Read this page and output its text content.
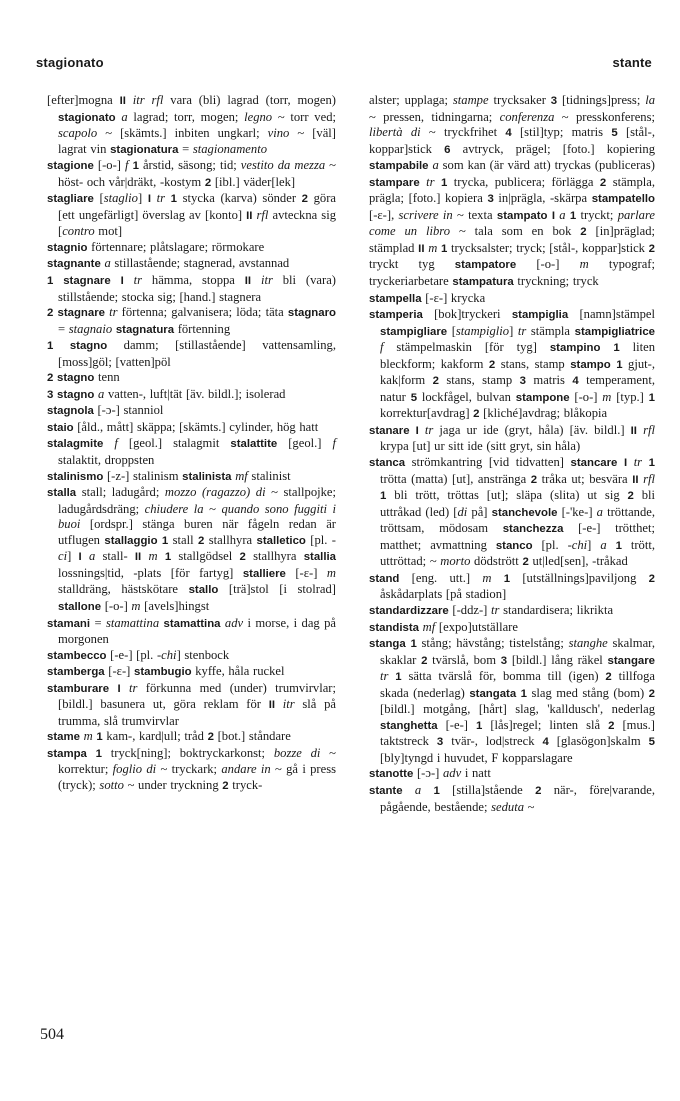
stagionato	stante

[efter]mogna II itr rfl vara (bli) lagrad (torr, mogen) stagionato a lagrad; torr, mogen; legno ~ torr ved; scapolo ~ [skämts.] inbiten ungkarl; vino ~ [väl] lagrat vin stagionatura = stagionamento

stagione [-o-] f 1 årstid, säsong; tid; vestito da mezza ~ höst- och vår|dräkt, -kostym 2 [ibl.] väder[lek]

stagliare [staglio] I tr 1 stycka (karva) sönder 2 göra [ett ungefärligt] överslag av [konto] II rfl avteckna sig [contro mot]

stagnio förtennare; plåtslagare; rörmokare

stagnante a stillastående; stagnerad, avstannad

1 stagnare I tr hämma, stoppa II itr bli (vara) stillstående; stocka sig; [hand.] stagnera

2 stagnare tr förtenna; galvanisera; löda; täta stagnaro = stagnaio stagnatura förtenning

1 stagno damm; [stillastående] vattensamling, [moss]göl; [vatten]pöl

2 stagno tenn

3 stagno a vatten-, luft|tät [äv. bildl.]; isolerad

stagnola [-ɔ-] stanniol

staio [åld., mått] skäppa; [skämts.] cylinder, hög hatt

stalagmite f [geol.] stalagmit stalattite [geol.] f stalaktit, droppsten

stalinismo [-z-] stalinism stalinista mf stalinist

stalla stall; ladugård; mozzo (ragazzo) di ~ stallpojke; ladugårdsdräng; chiudere la ~ quando sono fuggiti i buoi [ordspr.] stänga buren när fågeln redan är utflugen stallaggio 1 stall 2 stallhyra stalletico [pl. -ci] I a stall- II m 1 stallgödsel 2 stallhyra stallia lossnings|tid, -plats [för fartyg] stalliere [-ɛ-] m stalldräng, hästskötare stallo [trä]stol [i stolrad] stallone [-o-] m [avels]hingst

stamani = stamattina stamattina adv i morse, i dag på morgonen

stambecco [-e-] [pl. -chi] stenbock

stamberga [-ɛ-] stambugio kyffe, håla ruckel

stamburare I tr förkunna med (under) trumvirvlar; [bildl.] basunera ut, göra reklam för II itr slå på trumma, slå trumvirvlar

stame m 1 kam-, kard|ull; tråd 2 [bot.] ståndare

stampa 1 tryck[ning]; boktryckarkonst; bozze di ~ korrektur; foglio di ~ tryckark; andare in ~ gå i press (tryck); sotto ~ under tryckning 2 tryck-

alster; upplaga; stampe trycksaker 3 [tidnings]press; la ~ pressen, tidningarna; conferenza ~ presskonferens; libertà di ~ tryckfrihet 4 [stil]typ; matris 5 [stål-, koppar]stick 6 avtryck, prägel; [foto.] kopiering stampabile a som kan (är värd att) tryckas (publiceras) stampare tr 1 trycka, publicera; förlägga 2 stämpla, prägla; [foto.] kopiera 3 in|prägla, -skärpa stampatello [-ɛ-], scrivere in ~ texta stampato I a 1 tryckt; parlare come un libro ~ tala som en bok 2 [in]präglad; stämplad II m 1 trycksalster; tryck; [stål-, koppar]stick 2 tryckt tyg stampatore [-o-] m typograf; tryckeriarbetare stampatura tryckning; tryck

stampella [-ɛ-] krycka

stamperia [bok]tryckeri stampiglia [namn]stämpel stampigliare [stampiglio] tr stämpla stampigliatrice f stämpelmaskin [för tyg] stampino 1 liten bleckform; kakform 2 stans, stamp stampo 1 gjut-, kak|form 2 stans, stamp 3 matris 4 temperament, natur 5 lockfågel, bulvan stampone [-o-] m [typ.] 1 korrektur[avdrag] 2 [kliché]avdrag; blåkopia

stanare I tr jaga ur ide (gryt, håla) [äv. bildl.] II rfl krypa [ut] ur sitt ide (sitt gryt, sin håla)

stanca strömkantring [vid tidvatten] stancare I tr 1 trötta (matta) [ut], anstränga 2 tråka ut; besvära II rfl 1 bli trött, tröttas [ut]; släpa (slita) ut sig 2 bli uttråkad (led) [di på] stanchevole [-'ke-] a tröttande, tröttsam, mödosam stanchezza [-e-] trötthet; matthet; avmattning stanco [pl. -chi] a 1 trött, uttröttad; ~ morto dödstrött 2 ut|led[sen], -tråkad

stand [eng. utt.] m 1 [utställnings]paviljong 2 åskådarplats [på stadion]

standardizzare [-ddz-] tr standardisera; likrikta

standista mf [expo]utställare

stanga 1 stång; hävstång; tistelstång; stanghe skalmar, skaklar 2 tvärslå, bom 3 [bildl.] lång räkel stangare tr 1 sätta tvärslå för, bomma till (igen) 2 tillfoga skada (nederlag) stangata 1 slag med stång (bom) 2 [bildl.] motgång, [hårt] slag, 'kalldusch', nederlag stanghetta [-e-] 1 [lås]regel; linten slå 2 [mus.] taktstreck 3 tvär-, lod|streck 4 [glasögon]skalm 5 [bly]tyngd i huvudet, F kopparslagare

stanotte [-ɔ-] adv i natt

stante a 1 [stilla]stående 2 när-, före|varande, pågående, bestående; seduta ~

504
